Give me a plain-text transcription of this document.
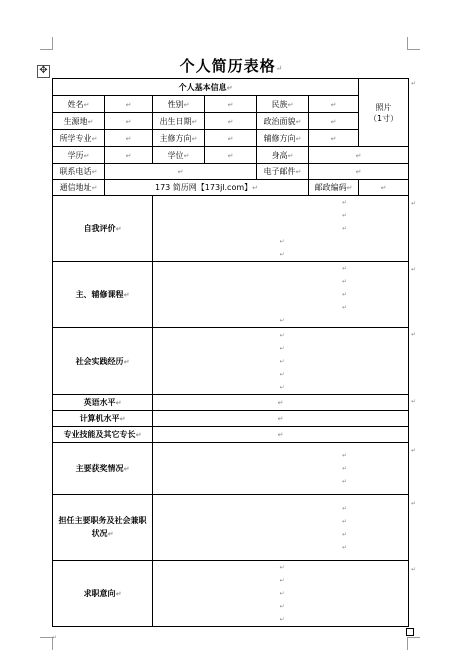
个人简历表格↵
✥
个人基本信息↵						照片
（1寸）

姓名↵	↵	性别↵	↵	民族↵	↵	
生源地↵	↵	出生日期↵	↵	政治面貌↵	↵	
所学专业↵	↵	主修方向↵	↵	辅修方向↵	↵	
学历↵	↵	学位↵	↵	身高↵	↵	
联系电话↵	↵			电子邮件↵	↵	
通信地址↵	173 简历网【173jl.com】↵				邮政编码↵	↵
自我评价↵		↵
↵
↵
↵
↵				

主、辅修课程↵		↵
↵
↵
↵
↵				

社会实践经历↵		↵
↵
↵
↵
↵				

英语水平↵		↵				
计算机水平↵		↵				
专业技能及其它专长↵		↵				
主要获奖情况↵		↵
↵
↵				

担任主要职务及社会兼职状况↵		↵
↵
↵
↵				

求职意向↵		↵
↵
↵
↵
↵				
↵
↵
↵
↵
↵
↵
↵
↵
↵
